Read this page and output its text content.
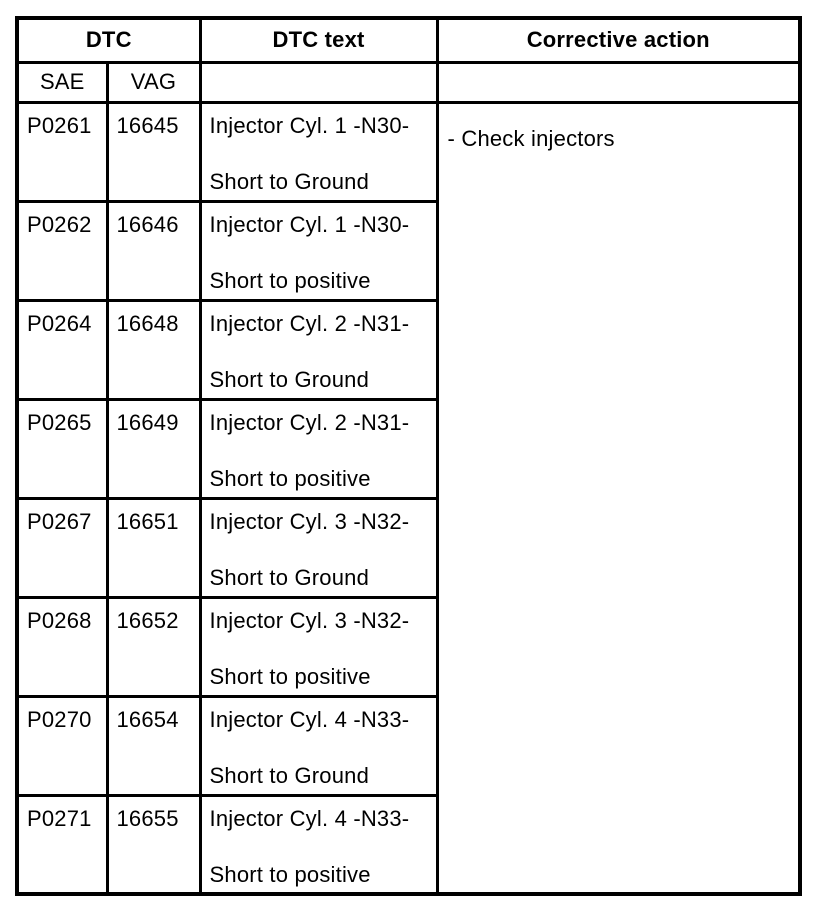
DTC		DTC text	Corrective action
SAE	VAG		
P0261	16645	Injector Cyl. 1 -N30-
Short to Ground	- Check injectors
P0262	16646	Injector Cyl. 1 -N30-
Short to positive	

P0264	16648	Injector Cyl. 2 -N31-
Short to Ground	

P0265	16649	Injector Cyl. 2 -N31-
Short to positive	

P0267	16651	Injector Cyl. 3 -N32-
Short to Ground	

P0268	16652	Injector Cyl. 3 -N32-
Short to positive	

P0270	16654	Injector Cyl. 4 -N33-
Short to Ground	

P0271	16655	Injector Cyl. 4 -N33-
Short to positive	
